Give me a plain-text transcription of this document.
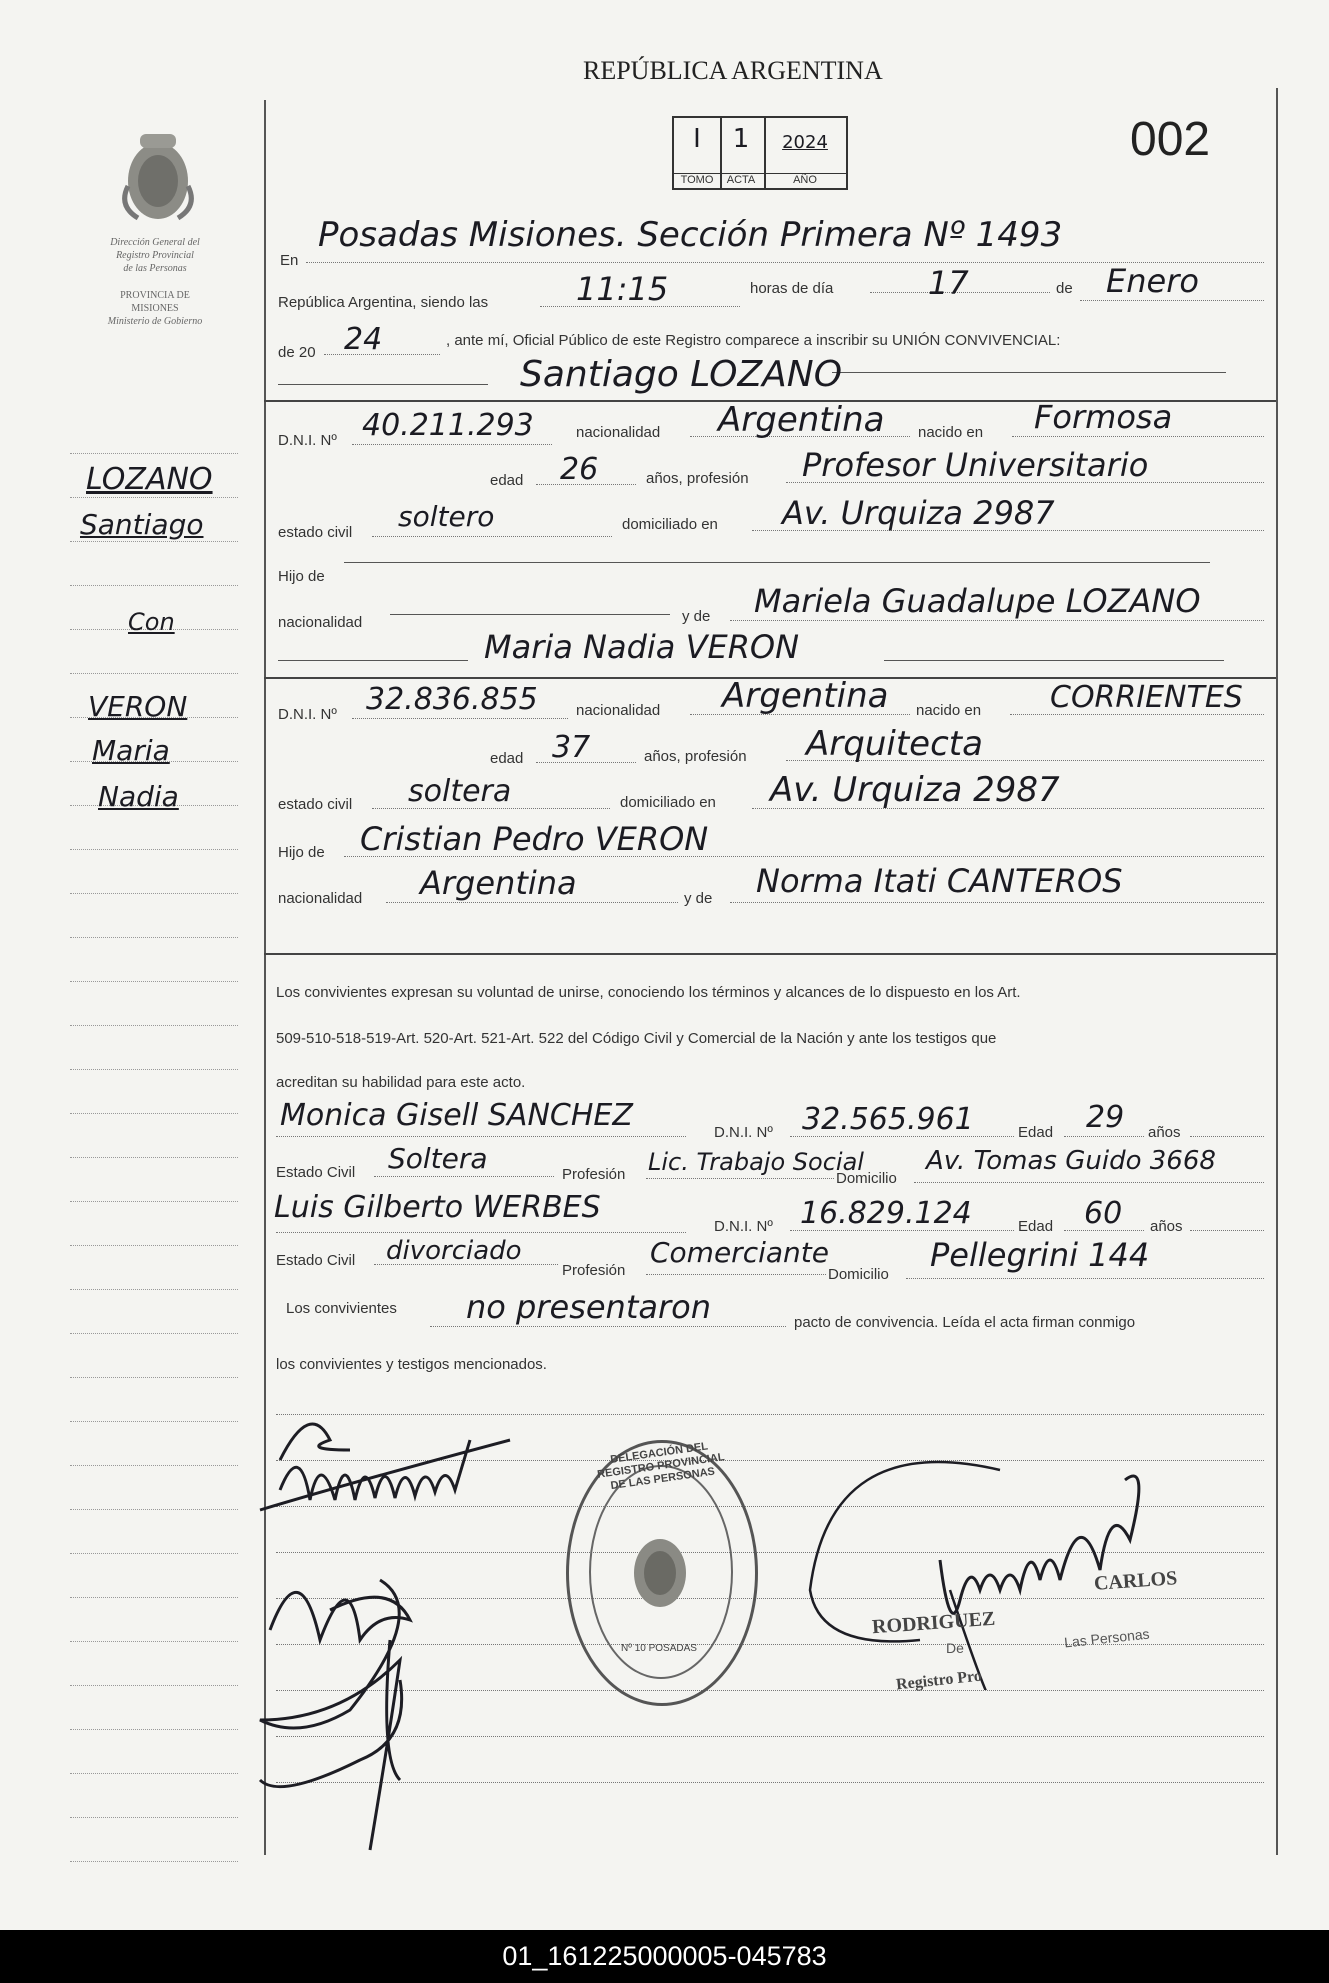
REPÚBLICA ARGENTINA
002
I
TOMO
1
ACTA
2024
AÑO
Dirección General del
Registro Provincial
de las Personas
PROVINCIA DE
MISIONES
Ministerio de Gobierno
LOZANO
Santiago
Con
VERON
Maria
Nadia
En
Posadas Misiones. Sección Primera Nº 1493
República Argentina, siendo las	11:15	horas de día	17	de Enero
de 20 24	, ante mí, Oficial Público de este Registro comparece a inscribir su UNIÓN CONVIVENCIAL:
Santiago LOZANO
D.N.I. Nº 40.211.293	nacionalidad Argentina nacido en Formosa
edad 26	años, profesión Profesor Universitario
estado civil soltero	domiciliado en Av. Urquiza 2987
Hijo de
nacionalidad	y de Mariela Guadalupe LOZANO
Maria Nadia VERON
D.N.I. Nº 32.836.855	nacionalidad Argentina nacido en CORRIENTES
edad 37	años, profesión Arquitecta
estado civil soltera	domiciliado en Av. Urquiza 2987
Hijo de Cristian Pedro VERON
nacionalidad Argentina	y de Norma Itati CANTEROS
Los convivientes expresan su voluntad de unirse, conociendo los términos y alcances de lo dispuesto en los Art.
509-510-518-519-Art. 520-Art. 521-Art. 522 del Código Civil y Comercial de la Nación y ante los testigos que
acreditan su habilidad para este acto.
Monica Gisell SANCHEZ	D.N.I. Nº 32.565.961	Edad 29 años
Estado Civil Soltera	Profesión Lic. Trabajo Social
Domicilio
Av. Tomas Guido 3668
Luis Gilberto WERBES
D.N.I. Nº 16.829.124	Edad 60 años
Estado Civil divorciado
Profesión
Comerciante
Domicilio
Pellegrini 144
Los convivientes no presentaron	pacto de convivencia. Leída el acta firman conmigo
los convivientes y testigos mencionados.
DELEGACIÓN DEL REGISTRO PROVINCIAL DE LAS PERSONAS
Nº 10 POSADAS
RODRIGUEZ
CARLOS
De
Registro Pro
Las Personas
01_161225000005-045783
